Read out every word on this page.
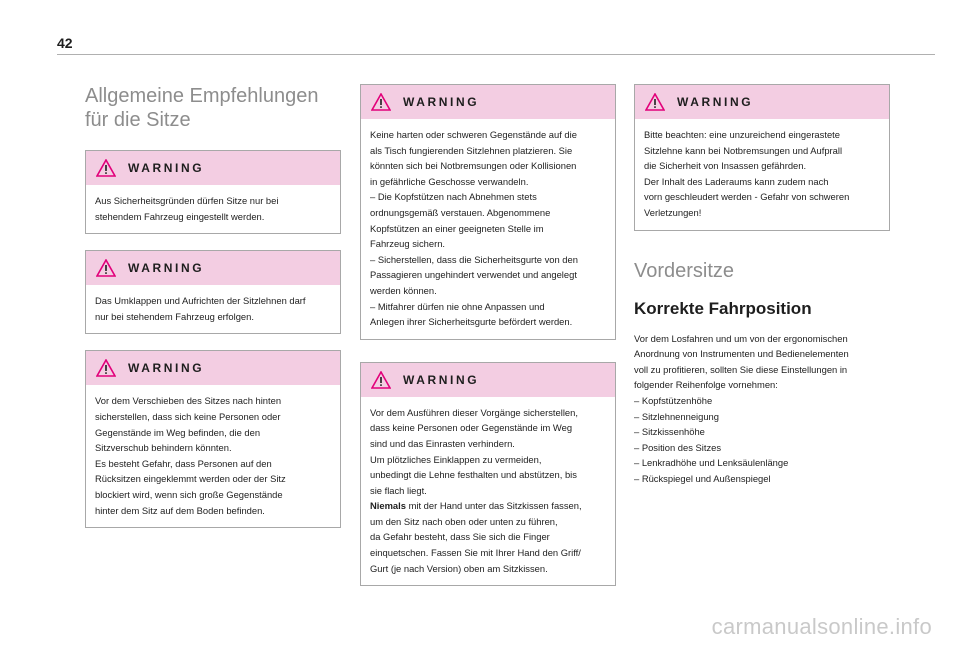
42
Allgemeine Empfehlungen
für die Sitze
WARNING

Aus Sicherheitsgründen dürfen Sitze nur bei
stehendem Fahrzeug eingestellt werden.

WARNING

Das Umklappen und Aufrichten der Sitzlehnen darf
nur bei stehendem Fahrzeug erfolgen.

WARNING

Vor dem Verschieben des Sitzes nach hinten
sicherstellen, dass sich keine Personen oder
Gegenstände im Weg befinden, die den
Sitzverschub behindern könnten.
Es besteht Gefahr, dass Personen auf den
Rücksitzen eingeklemmt werden oder der Sitz
blockiert wird, wenn sich große Gegenstände
hinter dem Sitz auf dem Boden befinden.

WARNING

Keine harten oder schweren Gegenstände auf die
als Tisch fungierenden Sitzlehnen platzieren. Sie
könnten sich bei Notbremsungen oder Kollisionen
in gefährliche Geschosse verwandeln.
– Die Kopfstützen nach Abnehmen stets
ordnungsgemäß verstauen. Abgenommene
Kopfstützen an einer geeigneten Stelle im
Fahrzeug sichern.
– Sicherstellen, dass die Sicherheitsgurte von den
Passagieren ungehindert verwendet und angelegt
werden können.
– Mitfahrer dürfen nie ohne Anpassen und
Anlegen ihrer Sicherheitsgurte befördert werden.

WARNING

Vor dem Ausführen dieser Vorgänge sicherstellen,
dass keine Personen oder Gegenstände im Weg
sind und das Einrasten verhindern.
Um plötzliches Einklappen zu vermeiden,
unbedingt die Lehne festhalten und abstützen, bis
sie flach liegt.
Niemals mit der Hand unter das Sitzkissen fassen,
um den Sitz nach oben oder unten zu führen,
da Gefahr besteht, dass Sie sich die Finger
einquetschen. Fassen Sie mit Ihrer Hand den Griff/
Gurt (je nach Version) oben am Sitzkissen.

WARNING

Bitte beachten: eine unzureichend eingerastete
Sitzlehne kann bei Notbremsungen und Aufprall
die Sicherheit von Insassen gefährden.
Der Inhalt des Laderaums kann zudem nach
vorn geschleudert werden - Gefahr von schweren
Verletzungen!

Vordersitze
Korrekte Fahrposition

Vor dem Losfahren und um von der ergonomischen
Anordnung von Instrumenten und Bedienelementen
voll zu profitieren, sollten Sie diese Einstellungen in
folgender Reihenfolge vornehmen:

– Kopfstützenhöhe
– Sitzlehnenneigung
– Sitzkissenhöhe
– Position des Sitzes
– Lenkradhöhe und Lenksäulenlänge
– Rückspiegel und Außenspiegel
carmanualsonline.info
